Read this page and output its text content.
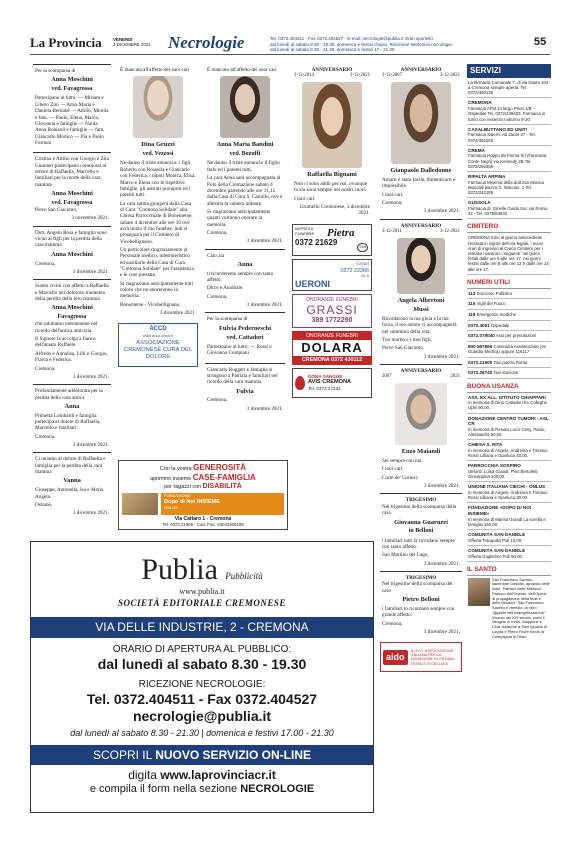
La Provincia	VENERDÌ
3 DICEMBRE 2021 Necrologie	Tel. 0372.404511 - Fax 0372.404527 - E-mail: necrologie@publia.it Orari sportello:
dal lunedì al sabato 8.30 - 19.30; domenica e festivi chiuso. Ricezione telefonica necrologie:
dal lunedì al sabato 8.30 - 21.30, domenica e festivi 17 - 21.30
55

Per la scomparsa di

Anna Moschini
ved. Favagrossa

Partecipano al lutto: — Miriam e Libero Zini — Anna Maria e Daniela Bernabè — Attilio, Mirella e fam. — Paolo, Elena, Marco, Giovanna e famiglie — Naida, Anna Bonisoli e famiglie — fam. Giancarlo Monico — Pia e Paolo Fornoni

Cristina e Attilio con Giorgio e Zita Guarneri partecipano commossi al dolore di Raffaella, Marcello e familiari per la morte della cara mamma

Anna Moschini
ved. Favagrossa

Pieve San Giacomo,

3 novembre 2021.

Dott. Angelo Rosa e famiglia sono vicini ai figli per la perdita della cara mamma

Anna Moschini

Cremona,

3 dicembre 2021.

Siamo vicini con affetto a Raffaella e Marcello nel doloroso momento della perdita della loro mamma

Anna Moschini
Favagrossa

che salutiamo mestamente nel ricordo dell'antica amicizia.

Il Signore la accolga a fianco dell'amato Raffaele.

Alfredo e Annalisa, Lilli e Giorgio, Flavia e Federica.

Cremona,

3 dicembre 2021.

Profondamente addolorata per la perdita della cara amica

Anna

Primetta Lombardi e famiglia partecipa al dolore di Raffaella, Marcello e familiari.

Cremona,

3 dicembre 2021.

Ci uniamo al dolore di Raffaella e famiglia per la perdita della cara mamma

Vanna

Giuseppe, Antonella, Isa e Maria Angela.

Ostiano,

3 dicembre 2021.

È mancata all'affetto dei suoi cari

Dina Gruzzi
ved. Vezzosi

Ne danno il triste annuncio: i figli Roberto con Rossella e Giancarlo con Federica, i nipoti Monica, Elisa, Marco e Elena con le rispettive famiglie, gli adorati pronipoti ed i parenti tutti.

La cara salma giungerà dalla Casa di Cura "Cremona Solidale" alla Chiesa Parrocchiale di Bonemerse, sabato 4 dicembre alle ore 10 ove avrà inizio il rito funebre, indi si proseguirà per il Cimitero di Vicobellignano.

Un particolare ringraziamento al Personale medico, infermieristico ed ausiliario della Casa di Cura "Cremona Solidale" per l'assistenza e le cure prestate.

Si ringraziano anticipatamente tutti coloro che ne onoreranno la memoria.

Bonemerse - Vicobellignano,

3 dicembre 2021.
ACCD
www.accd-onlus.it
ASSOCIAZIONE CREMONESE CURA DEL DOLORE
Con la vostra GENEROSITÀ
aprimmo insieme CASE-FAMIGLIA
per ragazzi con DISABILITÀ
FONDAZIONE
Dopo di Noi INSIEME
ONLUS
Via Cattaro 1 - Cremona
Tel. 0372.21906 - Cod. Fisc. 93043300199

È mancato all'affetto dei suoi cari

Anna Maria Bandini
ved. Bozuffi

Ne danno il triste annuncio il figlio Italo ed i parenti tutti.

La cara Anna sarà accompagnata al Polo della Cremazione sabato 4 dicembre partendo alle ore 11,15 dalla Casa di Cura S. Camillo, ove è allestita la camera ardente.

Si ringraziano anticipatamente quanti vorranno onorare la memoria.

Cremona,

3 dicembre 2021.

Ciao zia

Anna

ti ricorderemo sempre con tanto affetto.

Dirce e Annibale.

Cremona,

3 dicembre 2021.

Per la scomparsa di

Fulvia Pederneschi
ved. Cattadori

Partecipano al lutto: — Rossi e Giovanna Compiani

Giancarlo Ruggeri e famiglia si stringono a Patrizia e familiari nel ricordo della cara mamma

Fulvia

Cremona,

3 dicembre 2021.
ANNIVERSARIO
3-12-2014	3-12-2021
Raffaella Bignami

Non ci sono addii per noi, ovunque tu sia sarai sempre nei nostri cuori.

I tuoi cari.

Grumello Cremonese, 3 dicembre 2021.
IMPRESA
FUNEBRE	Pietra
0372 21629	24h
Ceruti
0372 22366
24 h
UERONI
ONORANZE FUNEBRI
GRASSI
389 1772290
ONORANZE FUNEBRI
DOLARA
CREMONA 0372 430112
DONA SANGUE
AVIS CREMONA
Tel. 0372.27232
ANNIVERSARIO
3-12-2007	3-12-2021
Gianpaolo Dalledonne

Amarti è stato facile, dimenticarti è impossibile.

I tuoi cari.

Cremona,

3 dicembre 2021.
ANNIVERSARIO
3-12-2011	3-12-2021
Angela Albertoni
Mussi

Ricordarono la tua gioia e la tua forza, il tuo amore ci accompagnerà nel cammino della vita.

Tuo marito e i tuoi figli.

Pieve San Giacomo,

3 dicembre 2021.
ANNIVERSARIO
2007	2021
Enzo Maiandi

Sei sempre con noi.

I tuoi cari.

Corte de' Cortesi,

3 dicembre 2021.
TRIGESIMO

Nel trigesimo della scomparsa della cara

Giovanna Guarneri
in Belloni

i familiari tutti la ricordano sempre con tanto affetto.

San Martino del Lago,

3 dicembre 2021.
TRIGESIMO

Nel trigesimo della scomparsa del caro

Pietro Belloni

i familiari lo ricordano sempre con grande affetto.

Cremona,

3 dicembre 2021.
aido
A.I.D.O. ASSOCIAZIONE ITALIANA PER LA DONAZIONE DI ORGANI, TESSUTI E CELLULE
Publia Pubblicità
www.publia.it
SOCIETÀ EDITORIALE CREMONESE
VIA DELLE INDUSTRIE, 2 - CREMONA
ORARIO DI APERTURA AL PUBBLICO:
dal lunedì al sabato 8.30 - 19.30
RICEZIONE NECROLOGIE:
Tel. 0372.404511 - Fax 0372.404527
necrologie@publia.it
dal lunedì al sabato 8.30 - 21.30 | domenica e festivi 17.00 - 21.30
SCOPRI IL NUOVO SERVIZIO ON-LINE
digita www.laprovinciacr.it
e compila il form nella sezione NECROLOGIE
SERVIZI
La farmacia Comunale 7, di via Dante 104 a Cremona sempre aperta. Tel. 0372/460135
CREMONA
Farmacia AFM 14 largo Priori 1/B - Ospedale Tel. 0372/439483. Farmacia in turno con essenzo notturno 8-20
CASALBUTTANO ED UNITI
Farmacia Salerni via Jacini 27 - Tel. 0374/362183
CREMA
Farmacia Hoppo 88 Farma Srl (Farmacia Conte Negri) via Kennedy 2B Tel. 0373/256359
RIPALTA ARPINA
Farmacia Minerva della dott.ssa Monica Maccalli piazza G. Marconi, 1 Tel. 0373/242189
GUSSOLA
Farmacia dr. Emelle Guida Soc via Roma, 32 - Tel. 0375/64033
CIMITERO
CREMONA Sino al giorno antecedente l'entrata in vigore dell'ora legale, i nuovi orari di ingresso al Civico Cimitero per i visitatori saranno i seguenti: nei giorni feriali dalle ore 8 alle ore 17, nei giorni festivi dalle ore 8 alle ore 12 e dalle ore 14 alle ore 17.
NUMERI UTILI
113 Soccorso Pubblico
115 Vigili del Fuoco
118 Emergenze mediche
0372.4051 Ospedale
0372.079040 Asst per prenotazioni
800 567866 Continuità Assistenziale (ex Guardia Medica) oppure 116117
0372.21500 Taxi piazza Roma
0372.26740 Taxi stazione
BUONA USANZA
ASS. EX ALL. ISTITUTO CHIAPPARI
In memoria di Dino Cattadori Ex Colleghe Uptri 90,00.
DONAZIONE CENTRO TUMORI - ASL CR
In memoria di Renato Locci Cesy, Paolo, Alessandra 50,00.
CHIESA S. RITA
In memoria di Angelo, Andreina e Tomaso Rossi Lilliana e Gianluca 40,00.
PARROCCHIA SOSPIRO
Defunti: Luisa Grandi, Pino Bertoletti Giuseppina 100,00.
UNIONE ITALIANA CIECHI - ONLUS
In memoria di Angelo, Andreina e Tomaso Rossi Lilliana e Gianluca 30,00.
FONDAZIONE «DOPO DI NOI INSIEME»
In memoria di Marisa Grandi La sorella e famiglia 150,00.
COMUNITÀ SAN DANIELE
Offerta Tranquilla Poli 10,00.
COMUNITÀ SAN DANIELE
Offerta Guglielmo Poli 50,00.
IL SANTO
San Francesco Saverio, sacerdote Gesuita, apostolo delle Indie. Patrono delle Missioni. Patrono dell'Oriente, dell'Opera di propagazione della fede e delle Missioni. San Francesco Saverio è ritenuto un vero "gigante dell'evangelizzazione". Vissuto nel XVI secolo, portò il Vangelo in India, Giappone e Cina. Assieme a Sant Ignazio di Loyola e Pietro Favre fondò la Compagnia di Gesù.
